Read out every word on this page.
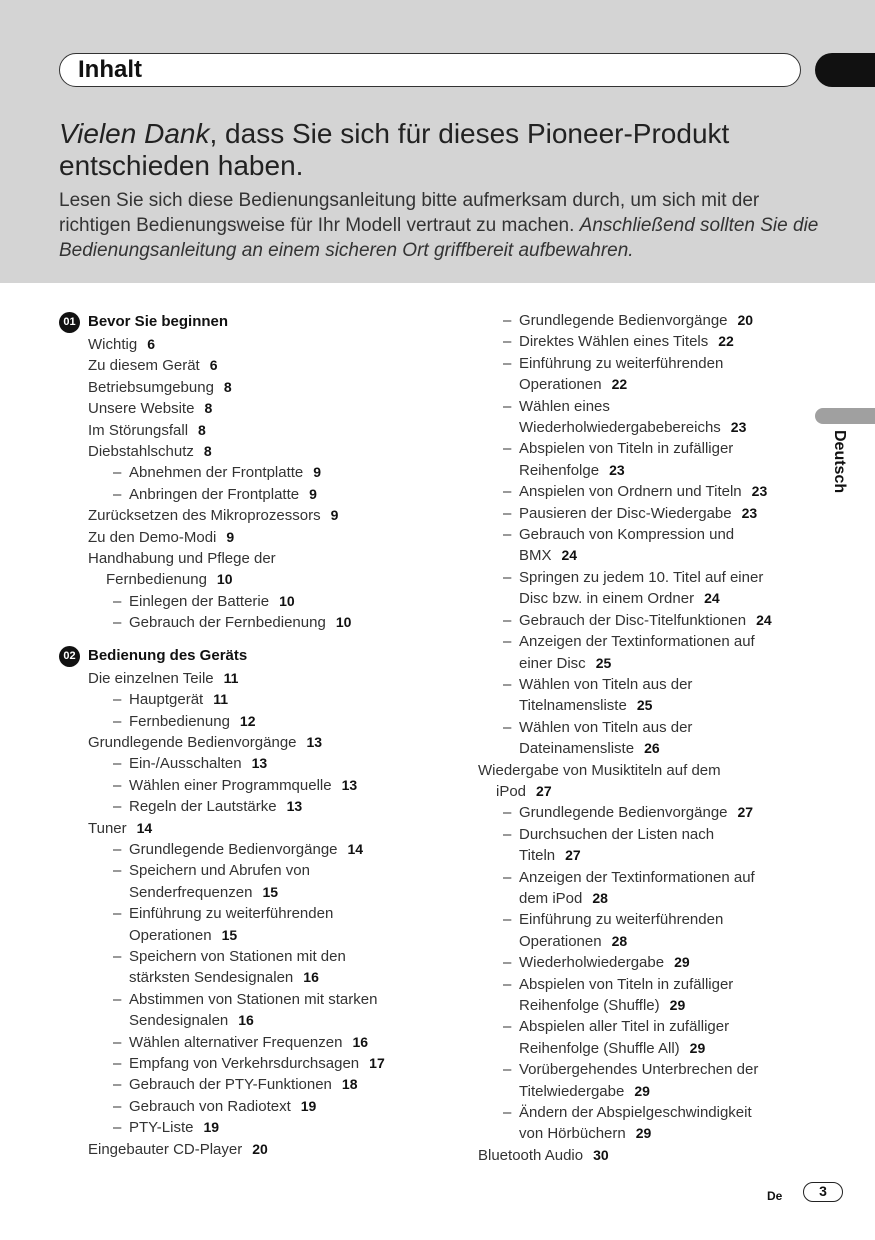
Inhalt
Vielen Dank, dass Sie sich für dieses Pioneer-Produkt entschieden haben.
Lesen Sie sich diese Bedienungsanleitung bitte aufmerksam durch, um sich mit der richtigen Bedienungsweise für Ihr Modell vertraut zu machen. Anschließend sollten Sie die Bedienungsanleitung an einem sicheren Ort griffbereit aufbewahren.
Deutsch
01 Bevor Sie beginnen
Wichtig 6
Zu diesem Gerät 6
Betriebsumgebung 8
Unsere Website 8
Im Störungsfall 8
Diebstahlschutz 8
– Abnehmen der Frontplatte 9
– Anbringen der Frontplatte 9
Zurücksetzen des Mikroprozessors 9
Zu den Demo-Modi 9
Handhabung und Pflege der
Fernbedienung 10
– Einlegen der Batterie 10
– Gebrauch der Fernbedienung 10
02 Bedienung des Geräts
Die einzelnen Teile 11
– Hauptgerät 11
– Fernbedienung 12
Grundlegende Bedienvorgänge 13
– Ein-/Ausschalten 13
– Wählen einer Programmquelle 13
– Regeln der Lautstärke 13
Tuner 14
– Grundlegende Bedienvorgänge 14
– Speichern und Abrufen von
Senderfrequenzen 15
– Einführung zu weiterführenden
Operationen 15
– Speichern von Stationen mit den
stärksten Sendesignalen 16
– Abstimmen von Stationen mit starken
Sendesignalen 16
– Wählen alternativer Frequenzen 16
– Empfang von Verkehrsdurchsagen 17
– Gebrauch der PTY-Funktionen 18
– Gebrauch von Radiotext 19
– PTY-Liste 19
Eingebauter CD-Player 20
– Grundlegende Bedienvorgänge 20
– Direktes Wählen eines Titels 22
– Einführung zu weiterführenden
Operationen 22
– Wählen eines
Wiederholwiedergabebereichs 23
– Abspielen von Titeln in zufälliger
Reihenfolge 23
– Anspielen von Ordnern und Titeln 23
– Pausieren der Disc-Wiedergabe 23
– Gebrauch von Kompression und
BMX 24
– Springen zu jedem 10. Titel auf einer
Disc bzw. in einem Ordner 24
– Gebrauch der Disc-Titelfunktionen 24
– Anzeigen der Textinformationen auf
einer Disc 25
– Wählen von Titeln aus der
Titelnamensliste 25
– Wählen von Titeln aus der
Dateinamensliste 26
Wiedergabe von Musiktiteln auf dem
iPod 27
– Grundlegende Bedienvorgänge 27
– Durchsuchen der Listen nach
Titeln 27
– Anzeigen der Textinformationen auf
dem iPod 28
– Einführung zu weiterführenden
Operationen 28
– Wiederholwiedergabe 29
– Abspielen von Titeln in zufälliger
Reihenfolge (Shuffle) 29
– Abspielen aller Titel in zufälliger
Reihenfolge (Shuffle All) 29
– Vorübergehendes Unterbrechen der
Titelwiedergabe 29
– Ändern der Abspielgeschwindigkeit
von Hörbüchern 29
Bluetooth Audio 30
De	3
